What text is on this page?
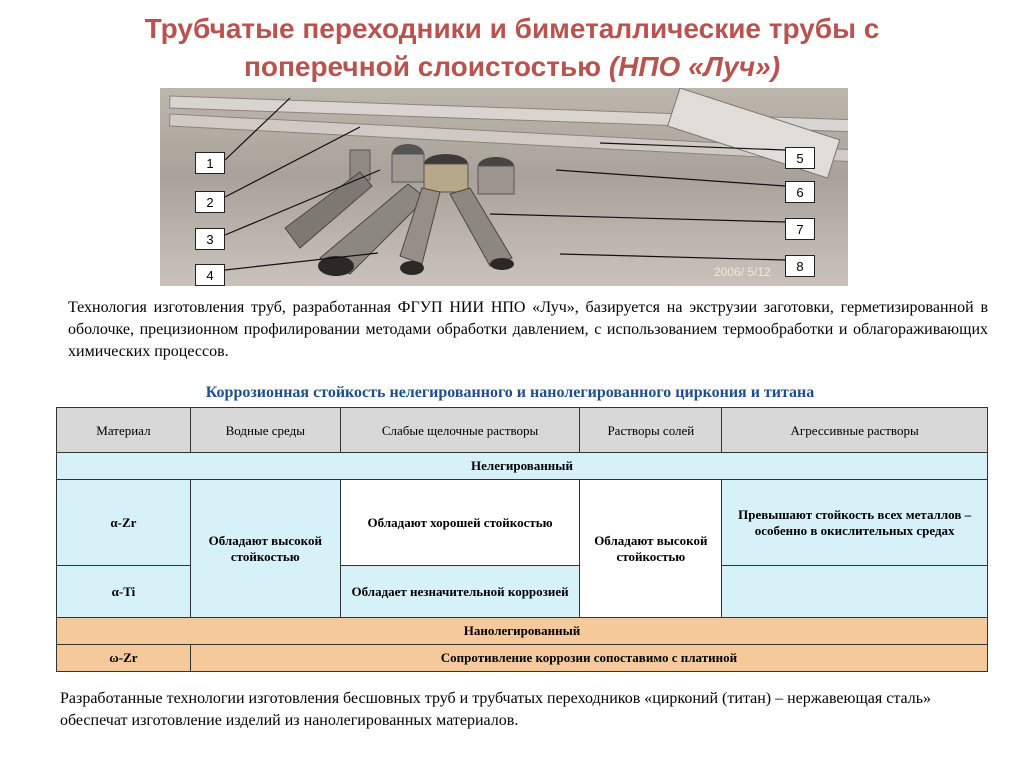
Трубчатые переходники и биметаллические трубы с
поперечной слоистостью (НПО «Луч»)
2006/ 5/12
1
2
3
4
5
6
7
8
Технология изготовления труб, разработанная ФГУП НИИ НПО «Луч», базируется на экструзии заготовки, герметизированной в оболочке, прецизионном профилировании методами обработки давлением, с использованием термообработки и облагораживающих химических процессов.
Коррозионная стойкость нелегированного и нанолегированного циркония и титана
Материал	Водные среды	Слабые щелочные растворы	Растворы солей	Агрессивные растворы
Нелегированный				
α-Zr	Обладают высокой стойкостью	Обладают хорошей стойкостью	Обладают высокой стойкостью	Превышают стойкость всех металлов – особенно в окислительных средах
α-Ti		Обладает незначительной коррозией		
Нанолегированный				
ω-Zr	Сопротивление коррозии сопоставимо с платиной			
Разработанные технологии изготовления бесшовных труб и трубчатых переходников «цирконий (титан) – нержавеющая сталь» обеспечат изготовление изделий из нанолегированных материалов.
